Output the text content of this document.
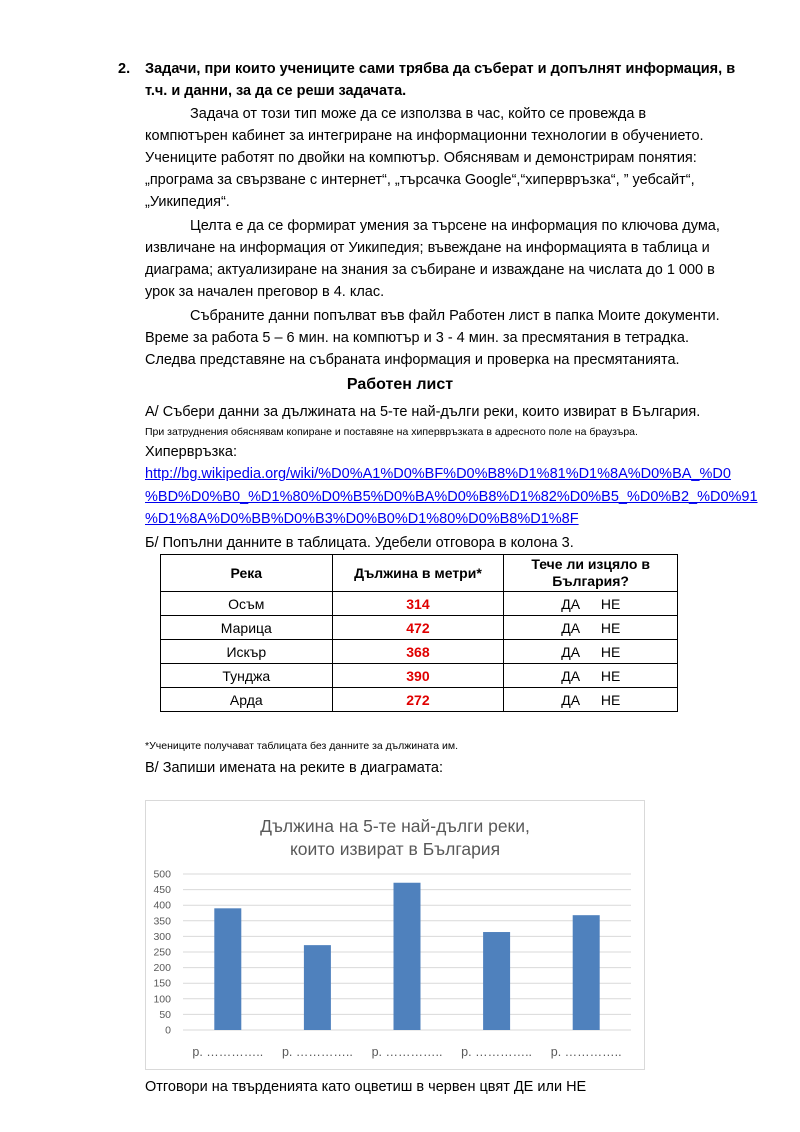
2. Задачи, при които учениците сами трябва да съберат и допълнят информация, в
т.ч. и данни, за да се реши задачата.
Задача от този тип може да се използва в час, който се провежда в
компютърен кабинет за интегриране на информационни технологии в обучението.
Учениците работят по двойки на компютър. Обяснявам и демонстрирам понятия:
„програма за свързване с интернет“, „търсачка Google“,“хипервръзка“, ” уебсайт“,
„Уикипедия“.
Целта е да се формират умения за търсене на информация по ключова дума,
извличане на информация от Уикипедия; въвеждане на информацията в таблица и
диаграма; актуализиране на знания за събиране и изваждане на числата до 1 000 в
урок за начален преговор в 4. клас.
Събраните данни попълват във файл Работен лист в папка Моите документи.
Време за работа 5 – 6 мин. на компютър и 3 - 4 мин. за пресмятания в тетрадка.
Следва представяне на събраната информация и проверка на пресмятанията.
Работен лист
А/ Събери данни за дължината на 5-те най-дълги реки, които извират в България.
При затруднения обяснявам копиране и поставяне на хипервръзката в адресното поле на браузъра.
Хипервръзка:
http://bg.wikipedia.org/wiki/%D0%A1%D0%BF%D0%B8%D1%81%D1%8A%D0%BA_%D0
%BD%D0%B0_%D1%80%D0%B5%D0%BA%D0%B8%D1%82%D0%B5_%D0%B2_%D0%91
%D1%8A%D0%BB%D0%B3%D0%B0%D1%80%D0%B8%D1%8F
Б/ Попълни данните в таблицата. Удебели отговора в колона 3.
Река	Дължина в метри*	Тече ли изцяло в България?
Осъм	314	ДА НЕ
Марица	472	ДА НЕ
Искър	368	ДА НЕ
Тунджа	390	ДА НЕ
Арда	272	ДА НЕ
*Учениците получават таблицата без данните за дължината им.
В/ Запиши имената на реките в диаграмата:
Дължина на 5-те най-дълги реки,
които извират в България
0
50
100
150
200
250
300
350
400
450
500
р. ………….. р. ………….. р. ………….. р. ………….. р. …………..
Отговори на твърденията като оцветиш в червен цвят ДЕ или НЕ
